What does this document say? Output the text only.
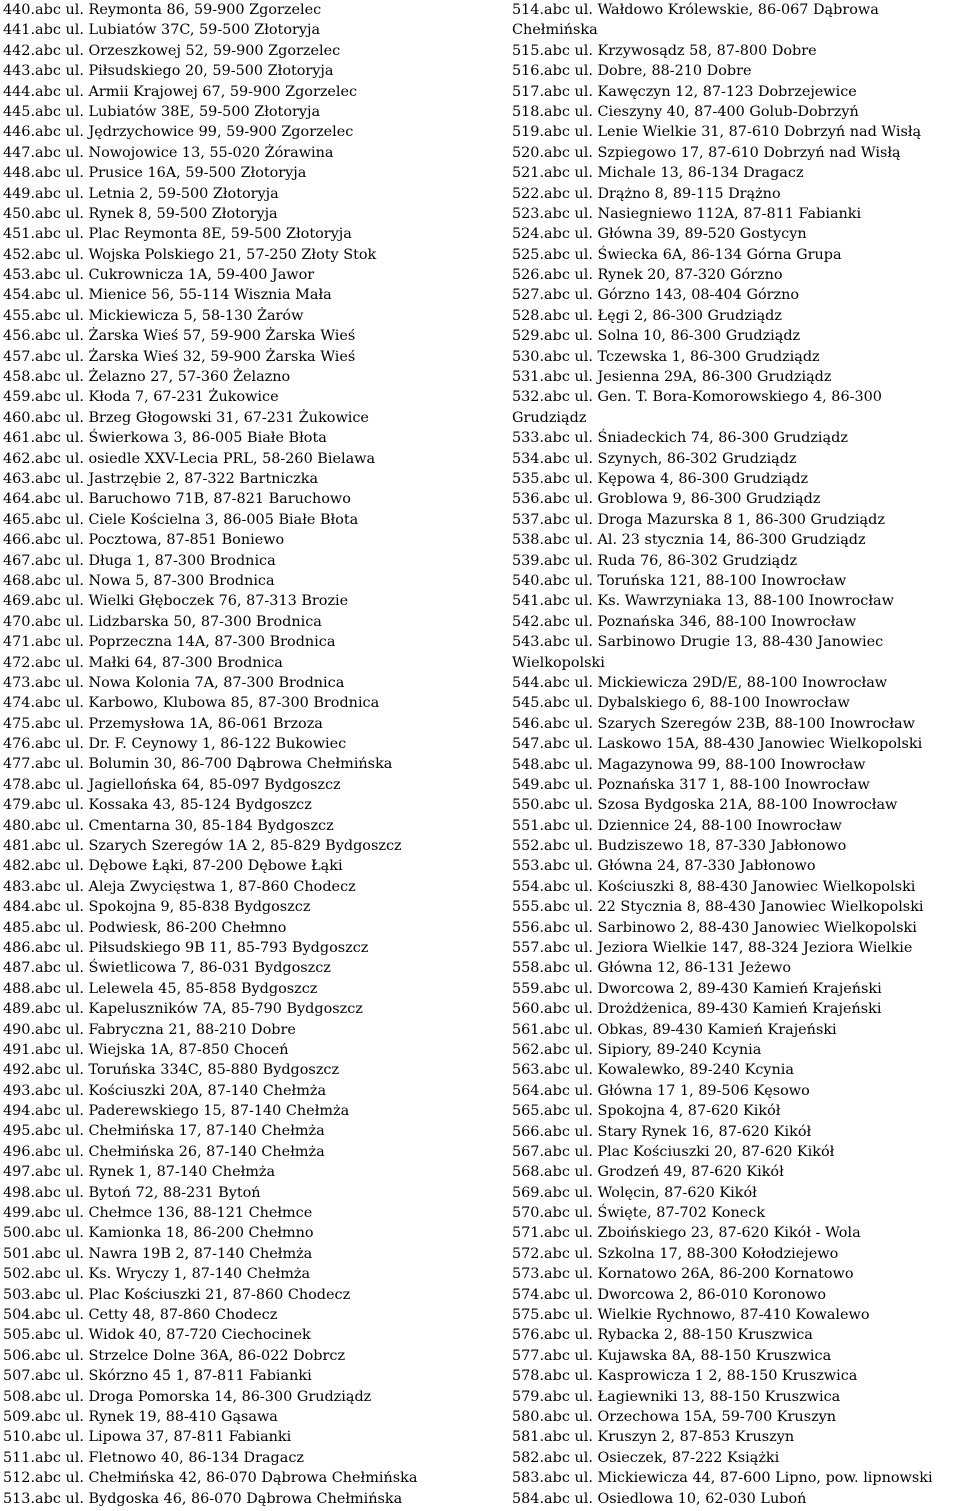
440.abc ul. Reymonta 86, 59-900 Zgorzelec
441.abc ul. Lubiatów 37C, 59-500 Złotoryja
442.abc ul. Orzeszkowej 52, 59-900 Zgorzelec
443.abc ul. Piłsudskiego 20, 59-500 Złotoryja
444.abc ul. Armii Krajowej 67, 59-900 Zgorzelec
445.abc ul. Lubiatów 38E, 59-500 Złotoryja
446.abc ul. Jędrzychowice 99, 59-900 Zgorzelec
447.abc ul. Nowojowice 13, 55-020 Żórawina
448.abc ul. Prusice 16A, 59-500 Złotoryja
449.abc ul. Letnia 2, 59-500 Złotoryja
450.abc ul. Rynek 8, 59-500 Złotoryja
451.abc ul. Plac Reymonta 8E, 59-500 Złotoryja
452.abc ul. Wojska Polskiego 21, 57-250 Złoty Stok
453.abc ul. Cukrownicza 1A, 59-400 Jawor
454.abc ul. Mienice 56, 55-114 Wisznia Mała
455.abc ul. Mickiewicza 5, 58-130 Żarów
456.abc ul. Żarska Wieś 57, 59-900 Żarska Wieś
457.abc ul. Żarska Wieś 32, 59-900 Żarska Wieś
458.abc ul. Żelazno 27, 57-360 Żelazno
459.abc ul. Kłoda 7, 67-231 Żukowice
460.abc ul. Brzeg Głogowski 31, 67-231 Żukowice
461.abc ul. Świerkowa 3, 86-005 Białe Błota
462.abc ul. osiedle XXV-Lecia PRL, 58-260 Bielawa
463.abc ul. Jastrzębie 2, 87-322 Bartniczka
464.abc ul. Baruchowo 71B, 87-821 Baruchowo
465.abc ul. Ciele Kościelna 3, 86-005 Białe Błota
466.abc ul. Pocztowa, 87-851 Boniewo
467.abc ul. Długa 1, 87-300 Brodnica
468.abc ul. Nowa 5, 87-300 Brodnica
469.abc ul. Wielki Głęboczek 76, 87-313 Brozie
470.abc ul. Lidzbarska 50, 87-300 Brodnica
471.abc ul. Poprzeczna 14A, 87-300 Brodnica
472.abc ul. Małki 64, 87-300 Brodnica
473.abc ul. Nowa Kolonia 7A, 87-300 Brodnica
474.abc ul. Karbowo, Klubowa 85, 87-300 Brodnica
475.abc ul. Przemysłowa 1A, 86-061 Brzoza
476.abc ul. Dr. F. Ceynowy 1, 86-122 Bukowiec
477.abc ul. Bolumin 30, 86-700 Dąbrowa Chełmińska
478.abc ul. Jagiellońska 64, 85-097 Bydgoszcz
479.abc ul. Kossaka 43, 85-124 Bydgoszcz
480.abc ul. Cmentarna 30, 85-184 Bydgoszcz
481.abc ul. Szarych Szeregów 1A 2, 85-829 Bydgoszcz
482.abc ul. Dębowe Łąki, 87-200 Dębowe Łąki
483.abc ul. Aleja Zwycięstwa 1, 87-860 Chodecz
484.abc ul. Spokojna 9, 85-838 Bydgoszcz
485.abc ul. Podwiesk, 86-200 Chełmno
486.abc ul. Piłsudskiego 9B 11, 85-793 Bydgoszcz
487.abc ul. Świetlicowa 7, 86-031 Bydgoszcz
488.abc ul. Lelewela 45, 85-858 Bydgoszcz
489.abc ul. Kapeluszników 7A, 85-790 Bydgoszcz
490.abc ul. Fabryczna 21, 88-210 Dobre
491.abc ul. Wiejska 1A, 87-850 Choceń
492.abc ul. Toruńska 334C, 85-880 Bydgoszcz
493.abc ul. Kościuszki 20A, 87-140 Chełmża
494.abc ul. Paderewskiego 15, 87-140 Chełmża
495.abc ul. Chełmińska 17, 87-140 Chełmża
496.abc ul. Chełmińska 26, 87-140 Chełmża
497.abc ul. Rynek 1, 87-140 Chełmża
498.abc ul. Bytoń 72, 88-231 Bytoń
499.abc ul. Chełmce 136, 88-121 Chełmce
500.abc ul. Kamionka 18, 86-200 Chełmno
501.abc ul. Nawra 19B 2, 87-140 Chełmża
502.abc ul. Ks. Wryczy 1, 87-140 Chełmża
503.abc ul. Plac Kościuszki 21, 87-860 Chodecz
504.abc ul. Cetty 48, 87-860 Chodecz
505.abc ul. Widok 40, 87-720 Ciechocinek
506.abc ul. Strzelce Dolne 36A, 86-022 Dobrcz
507.abc ul. Skórzno 45 1, 87-811 Fabianki
508.abc ul. Droga Pomorska 14, 86-300 Grudziądz
509.abc ul. Rynek 19, 88-410 Gąsawa
510.abc ul. Lipowa 37, 87-811 Fabianki
511.abc ul. Fletnowo 40, 86-134 Dragacz
512.abc ul. Chełmińska 42, 86-070 Dąbrowa Chełmińska
513.abc ul. Bydgoska 46, 86-070 Dąbrowa Chełmińska
514.abc ul. Wałdowo Królewskie, 86-067 Dąbrowa Chełmińska
515.abc ul. Krzywosądz 58, 87-800 Dobre
516.abc ul. Dobre, 88-210 Dobre
517.abc ul. Kawęczyn 12, 87-123 Dobrzejewice
518.abc ul. Cieszyny 40, 87-400 Golub-Dobrzyń
519.abc ul. Lenie Wielkie 31, 87-610 Dobrzyń nad Wisłą
520.abc ul. Szpiegowo 17, 87-610 Dobrzyń nad Wisłą
521.abc ul. Michale 13, 86-134 Dragacz
522.abc ul. Drążno 8, 89-115 Drążno
523.abc ul. Nasiegniewo 112A, 87-811 Fabianki
524.abc ul. Główna 39, 89-520 Gostycyn
525.abc ul. Świecka 6A, 86-134 Górna Grupa
526.abc ul. Rynek 20, 87-320 Górzno
527.abc ul. Górzno 143, 08-404 Górzno
528.abc ul. Łęgi 2, 86-300 Grudziądz
529.abc ul. Solna 10, 86-300 Grudziądz
530.abc ul. Tczewska 1, 86-300 Grudziądz
531.abc ul. Jesienna 29A, 86-300 Grudziądz
532.abc ul. Gen. T. Bora-Komorowskiego 4, 86-300 Grudziądz
533.abc ul. Śniadeckich 74, 86-300 Grudziądz
534.abc ul. Szynych, 86-302 Grudziądz
535.abc ul. Kępowa 4, 86-300 Grudziądz
536.abc ul. Groblowa 9, 86-300 Grudziądz
537.abc ul. Droga Mazurska 8 1, 86-300 Grudziądz
538.abc ul. Al. 23 stycznia 14, 86-300 Grudziądz
539.abc ul. Ruda 76, 86-302 Grudziądz
540.abc ul. Toruńska 121, 88-100 Inowrocław
541.abc ul. Ks. Wawrzyniaka 13, 88-100 Inowrocław
542.abc ul. Poznańska 346, 88-100 Inowrocław
543.abc ul. Sarbinowo Drugie 13, 88-430 Janowiec Wielkopolski
544.abc ul. Mickiewicza 29D/E, 88-100 Inowrocław
545.abc ul. Dybalskiego 6, 88-100 Inowrocław
546.abc ul. Szarych Szeregów 23B, 88-100 Inowrocław
547.abc ul. Laskowo 15A, 88-430 Janowiec Wielkopolski
548.abc ul. Magazynowa 99, 88-100 Inowrocław
549.abc ul. Poznańska 317 1, 88-100 Inowrocław
550.abc ul. Szosa Bydgoska 21A, 88-100 Inowrocław
551.abc ul. Dziennice 24, 88-100 Inowrocław
552.abc ul. Budziszewo 18, 87-330 Jabłonowo
553.abc ul. Główna 24, 87-330 Jabłonowo
554.abc ul. Kościuszki 8, 88-430 Janowiec Wielkopolski
555.abc ul. 22 Stycznia 8, 88-430 Janowiec Wielkopolski
556.abc ul. Sarbinowo 2, 88-430 Janowiec Wielkopolski
557.abc ul. Jeziora Wielkie 147, 88-324 Jeziora Wielkie
558.abc ul. Główna 12, 86-131 Jeżewo
559.abc ul. Dworcowa 2, 89-430 Kamień Krajeński
560.abc ul. Drożdżenica, 89-430 Kamień Krajeński
561.abc ul. Obkas, 89-430 Kamień Krajeński
562.abc ul. Sipiory, 89-240 Kcynia
563.abc ul. Kowalewko, 89-240 Kcynia
564.abc ul. Główna 17 1, 89-506 Kęsowo
565.abc ul. Spokojna 4, 87-620 Kikół
566.abc ul. Stary Rynek 16, 87-620 Kikół
567.abc ul. Plac Kościuszki 20, 87-620 Kikół
568.abc ul. Grodzeń 49, 87-620 Kikół
569.abc ul. Wolęcin, 87-620 Kikół
570.abc ul. Święte, 87-702 Koneck
571.abc ul. Zboińskiego 23, 87-620 Kikół - Wola
572.abc ul. Szkolna 17, 88-300 Kołodziejewo
573.abc ul. Kornatowo 26A, 86-200 Kornatowo
574.abc ul. Dworcowa 2, 86-010 Koronowo
575.abc ul. Wielkie Rychnowo, 87-410 Kowalewo
576.abc ul. Rybacka 2, 88-150 Kruszwica
577.abc ul. Kujawska 8A, 88-150 Kruszwica
578.abc ul. Kasprowicza 1 2, 88-150 Kruszwica
579.abc ul. Łagiewniki 13, 88-150 Kruszwica
580.abc ul. Orzechowa 15A, 59-700 Kruszyn
581.abc ul. Kruszyn 2, 87-853 Kruszyn
582.abc ul. Osieczek, 87-222 Książki
583.abc ul. Mickiewicza 44, 87-600 Lipno, pow. lipnowski
584.abc ul. Osiedlowa 10, 62-030 Luboń
